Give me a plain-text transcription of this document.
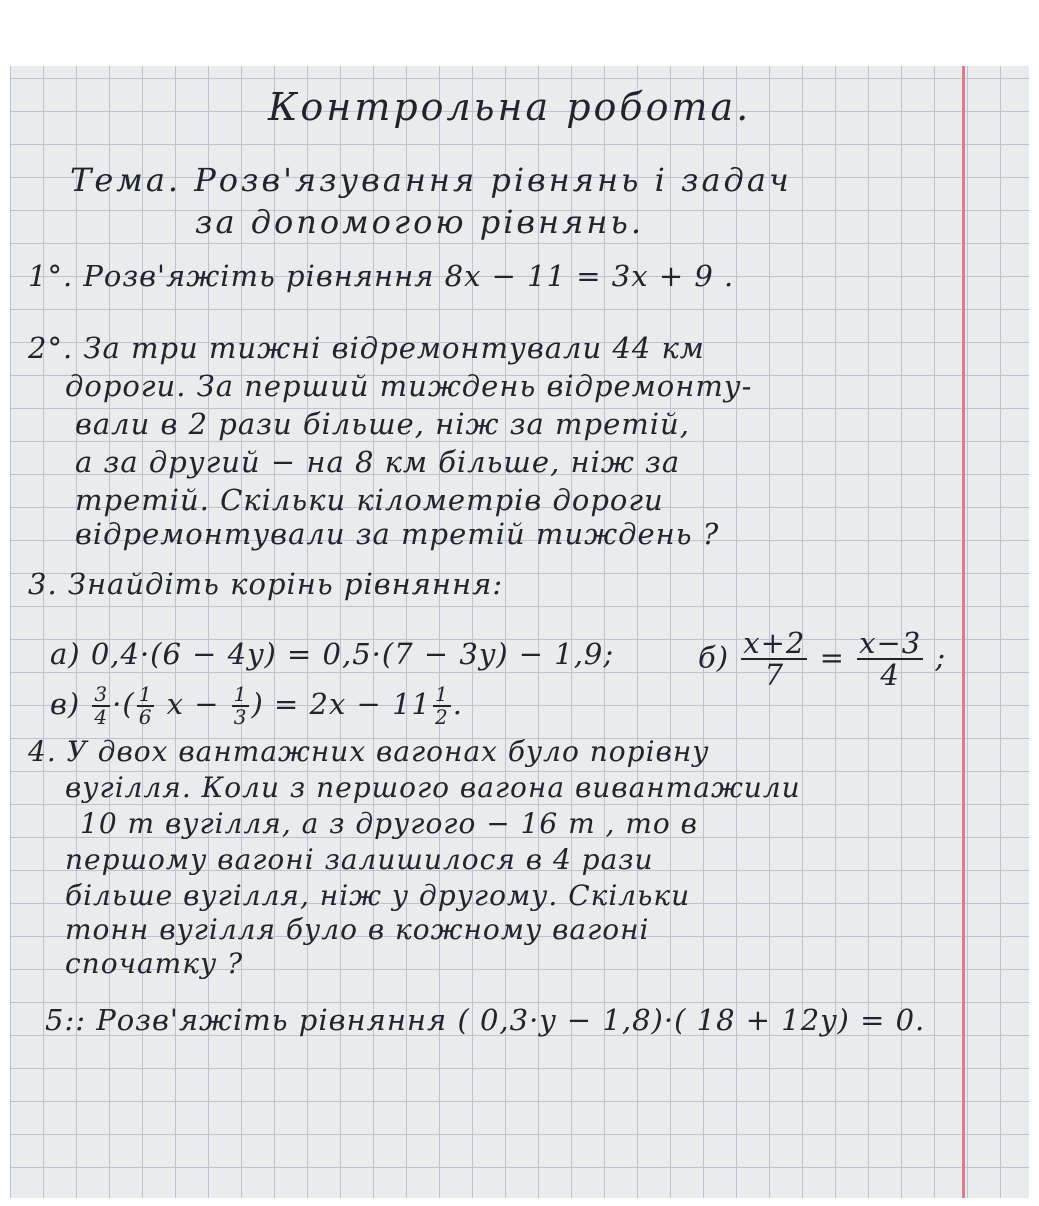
Контрольна робота.
Тема. Розв'язування рівнянь і задач
за допомогою рівнянь.
1°. Розв'яжіть рівняння 8x − 11 = 3x + 9 .
2°. За три тижні відремонтували 44 км
дороги. За перший тиждень відремонту-
вали в 2 рази більше, ніж за третій,
а за другий − на 8 км більше, ніж за
третій. Скільки кілометрів дороги
відремонтували за третій тиждень ?
3. Знайдіть корінь рівняння:
а) 0,4·(6 − 4y) = 0,5·(7 − 3y) − 1,9;	$б) \frac{x+2}{7} = \frac{x-3}{4}$ ;
$в) \frac{3}{4}$ ·( $\frac{1}{6}$ $x - \frac{1}{3}$ ) = $2x - 11 \frac{1}{2}$ .
4. У двох вантажних вагонах було порівну
вугілля. Коли з першого вагона вивантажили
10 т вугілля, а з другого − 16 т , то в
першому вагоні залишилося в 4 рази
більше вугілля, ніж у другому. Скільки
тонн вугілля було в кожному вагоні
спочатку ?
5:: Розв'яжіть рівняння ( 0,3·y − 1,8)·( 18 + 12y) = 0.
